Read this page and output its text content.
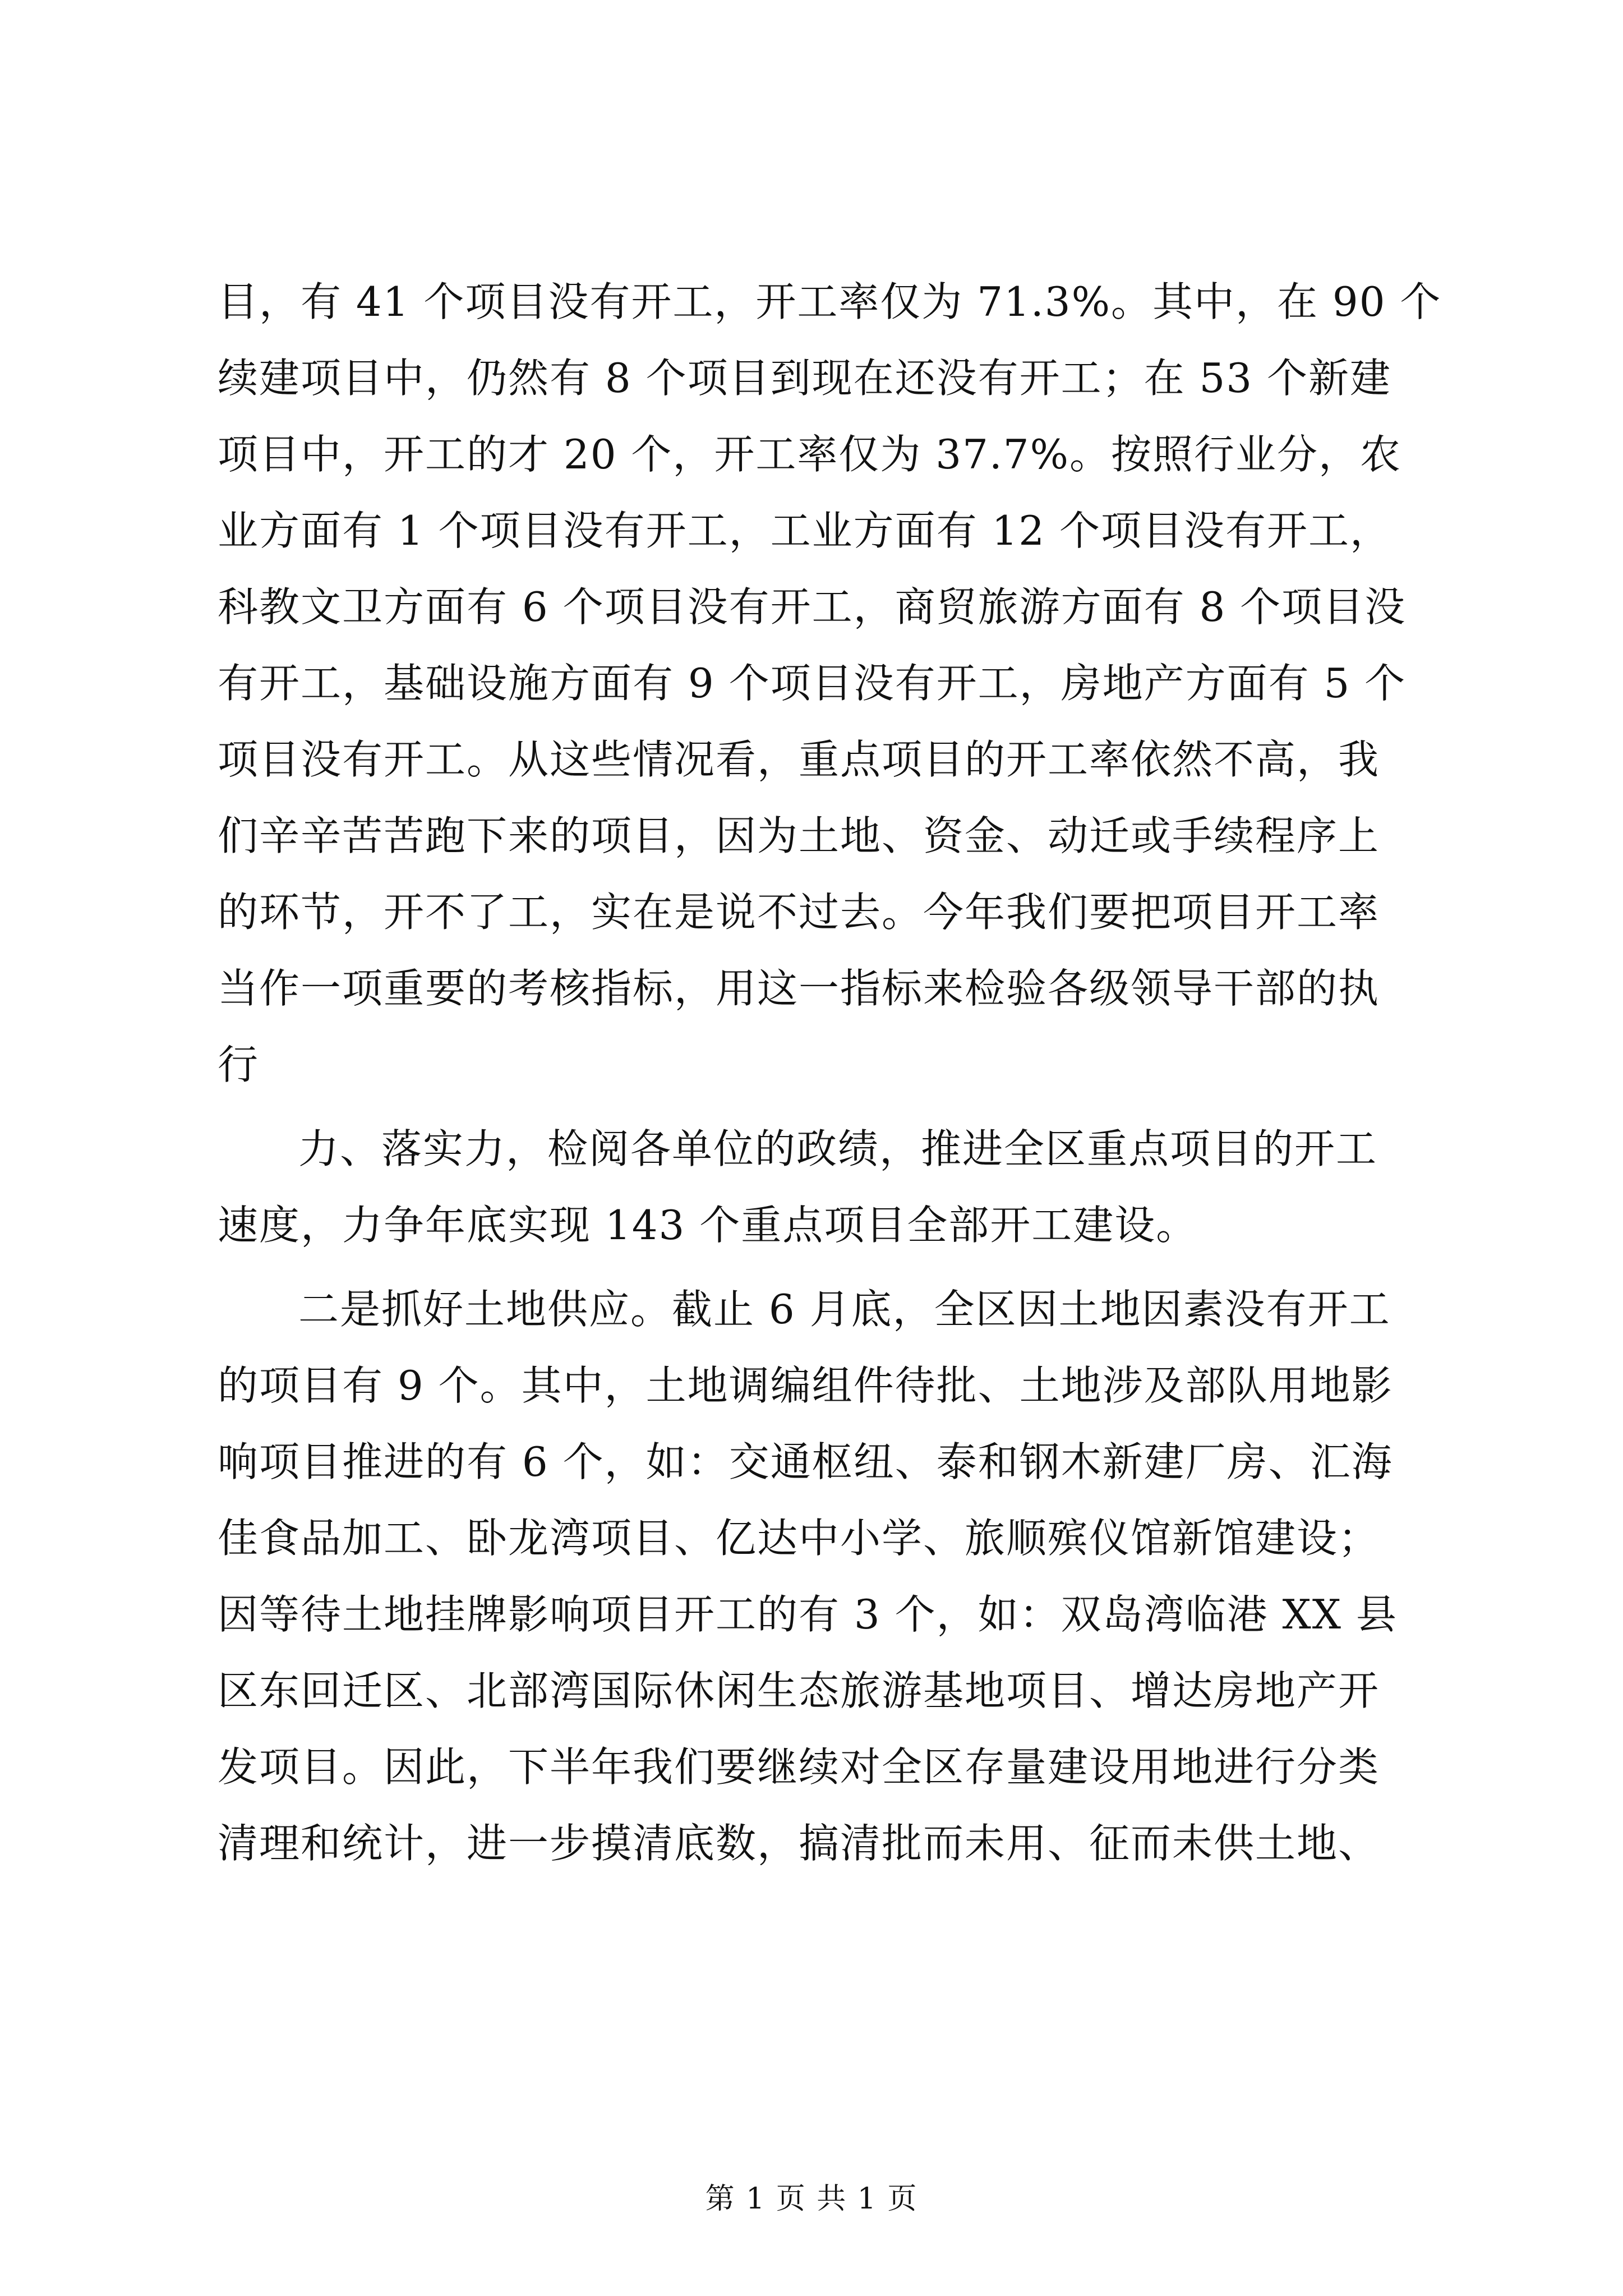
目，有 41 个项目没有开工，开工率仅为 71.3%。其中，在 90 个
续建项目中，仍然有 8 个项目到现在还没有开工；在 53 个新建
项目中，开工的才 20 个，开工率仅为 37.7%。按照行业分，农
业方面有 1 个项目没有开工，工业方面有 12 个项目没有开工，
科教文卫方面有 6 个项目没有开工，商贸旅游方面有 8 个项目没
有开工，基础设施方面有 9 个项目没有开工，房地产方面有 5 个
项目没有开工。从这些情况看，重点项目的开工率依然不高，我
们辛辛苦苦跑下来的项目，因为土地、资金、动迁或手续程序上
的环节，开不了工，实在是说不过去。今年我们要把项目开工率
当作一项重要的考核指标，用这一指标来检验各级领导干部的执
行
力、落实力，检阅各单位的政绩，推进全区重点项目的开工
速度，力争年底实现 143 个重点项目全部开工建设。
二是抓好土地供应。截止 6 月底，全区因土地因素没有开工
的项目有 9 个。其中，土地调编组件待批、土地涉及部队用地影
响项目推进的有 6 个，如：交通枢纽、泰和钢木新建厂房、汇海
佳食品加工、卧龙湾项目、亿达中小学、旅顺殡仪馆新馆建设；
因等待土地挂牌影响项目开工的有 3 个，如：双岛湾临港 XX 县
区东回迁区、北部湾国际休闲生态旅游基地项目、增达房地产开
发项目。因此，下半年我们要继续对全区存量建设用地进行分类
清理和统计，进一步摸清底数，搞清批而未用、征而未供土地、
第 1 页 共 1 页
